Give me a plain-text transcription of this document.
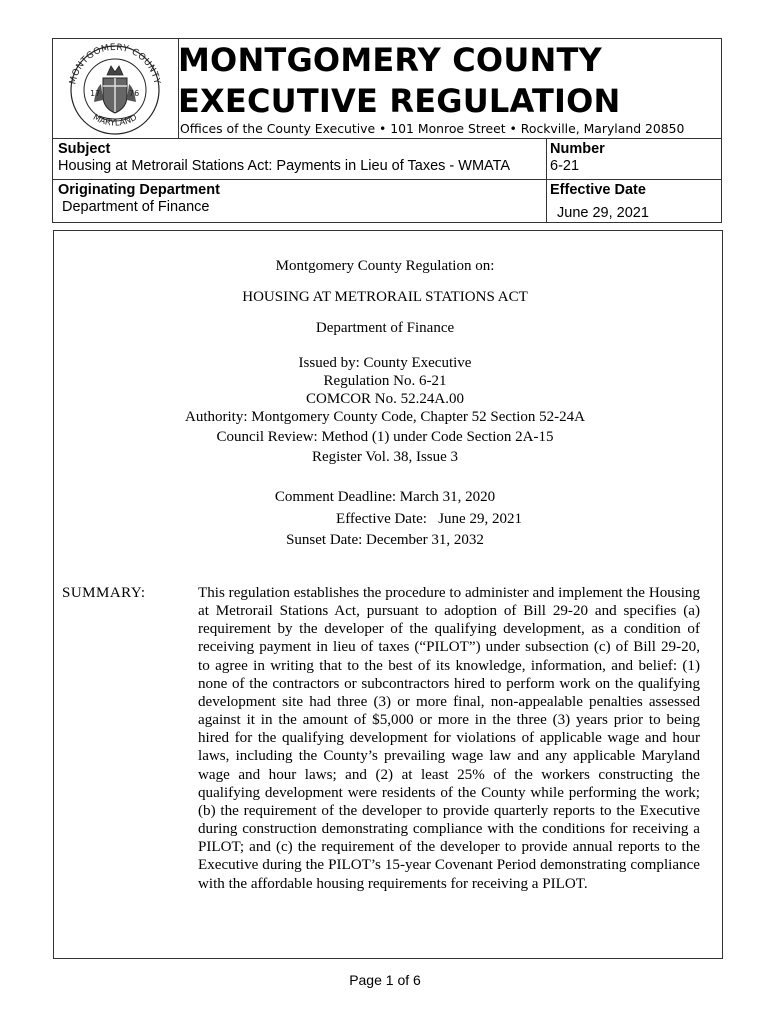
MONTGOMERY COUNTY
MARYLAND
17	76
MONTGOMERY COUNTY
EXECUTIVE REGULATION
Offices of the County Executive • 101 Monroe Street • Rockville, Maryland 20850
Subject
Housing at Metrorail Stations Act: Payments in Lieu of Taxes - WMATA
Number
6-21
Originating Department
Department of Finance
Effective Date
June 29, 2021
Montgomery County Regulation on:
HOUSING AT METRORAIL STATIONS ACT
Department of Finance
Issued by: County Executive
Regulation No. 6-21
COMCOR No. 52.24A.00
Authority: Montgomery County Code, Chapter 52 Section 52-24A
Council Review: Method (1) under Code Section 2A-15
Register Vol. 38, Issue 3
Comment Deadline: March 31, 2020
Effective Date:   June 29, 2021
Sunset Date: December 31, 2032
SUMMARY:	This regulation establishes the procedure to administer and implement the Housing at Metrorail Stations Act, pursuant to adoption of Bill 29-20 and specifies (a) requirement by the developer of the qualifying development, as a condition of receiving payment in lieu of taxes (“PILOT”) under subsection (c) of Bill 29-20, to agree in writing that to the best of its knowledge, information, and belief: (1) none of the contractors or subcontractors hired to perform work on the qualifying development site had three (3) or more final, non-appealable penalties assessed against it in the amount of $5,000 or more in the three (3) years prior to being hired for the qualifying development for violations of applicable wage and hour laws, including the County’s prevailing wage law and any applicable Maryland wage and hour laws; and (2) at least 25% of the workers constructing the qualifying development were residents of the County while performing the work; (b) the requirement of the developer to provide quarterly reports to the Executive during construction demonstrating compliance with the conditions for receiving a PILOT; and (c) the requirement of the developer to provide annual reports to the Executive during the PILOT’s 15-year Covenant Period demonstrating compliance with the affordable housing requirements for receiving a PILOT.
Page 1 of 6
